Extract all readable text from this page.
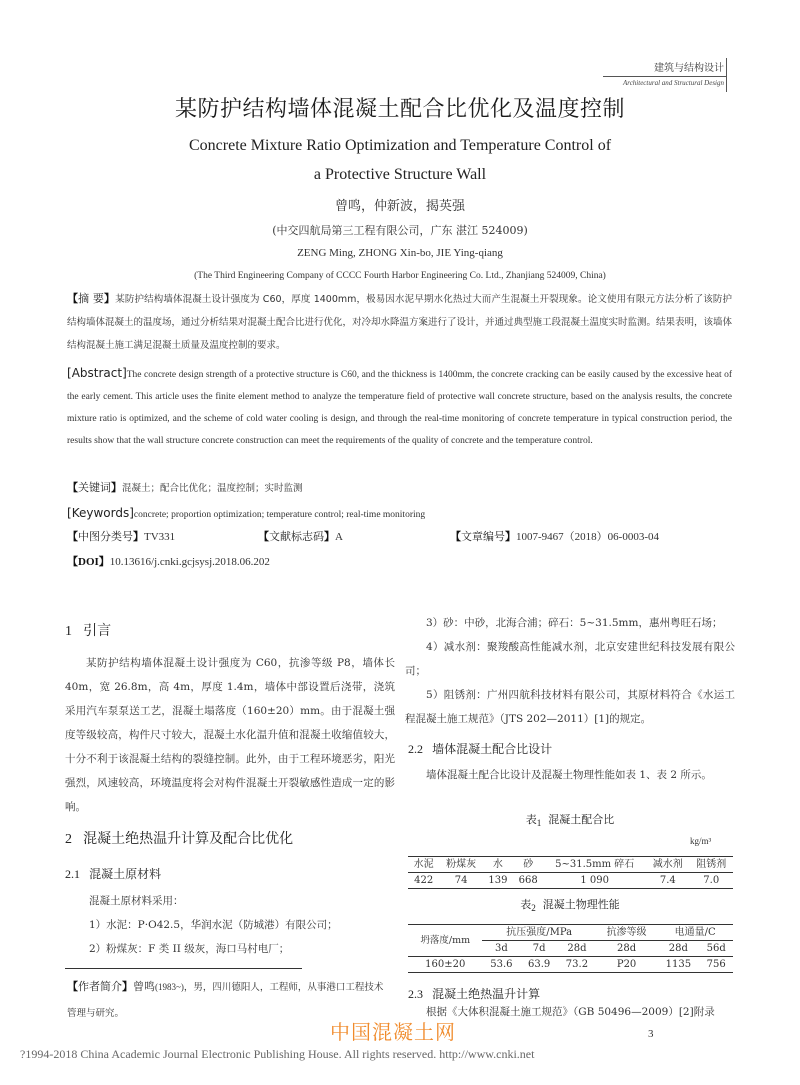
建筑与结构设计
Architectural and Structural Design
某防护结构墙体混凝土配合比优化及温度控制
Concrete Mixture Ratio Optimization and Temperature Control of
a Protective Structure Wall
曾鸣，仲新波，揭英强
(中交四航局第三工程有限公司，广东 湛江 524009)
ZENG Ming, ZHONG Xin-bo, JIE Ying-qiang
(The Third Engineering Company of CCCC Fourth Harbor Engineering Co. Ltd., Zhanjiang 524009, China)
【摘 要】某防护结构墙体混凝土设计强度为 C60，厚度 1400mm，极易因水泥早期水化热过大而产生混凝土开裂现象。论文使用有限元方法分析了该防护结构墙体混凝土的温度场，通过分析结果对混凝土配合比进行优化，对冷却水降温方案进行了设计，并通过典型施工段混凝土温度实时监测。结果表明，该墙体结构混凝土施工满足混凝土质量及温度控制的要求。
[Abstract]The concrete design strength of a protective structure is C60, and the thickness is 1400mm, the concrete cracking can be easily caused by the excessive heat of the early cement. This article uses the finite element method to analyze the temperature field of protective wall concrete structure, based on the analysis results, the concrete mixture ratio is optimized, and the scheme of cold water cooling is design, and through the real-time monitoring of concrete temperature in typical construction period, the results show that the wall structure concrete construction can meet the requirements of the quality of concrete and the temperature control.
【关键词】混凝土；配合比优化；温度控制；实时监测
[Keywords]concrete; proportion optimization; temperature control; real-time monitoring
【中图分类号】TV331	【文献标志码】A	【文章编号】1007-9467（2018）06-0003-04
【DOI】10.13616/j.cnki.gcjsysj.2018.06.202
1 引言
某防护结构墙体混凝土设计强度为 C60，抗渗等级 P8，墙体长 40m，宽 26.8m，高 4m，厚度 1.4m，墙体中部设置后浇带，浇筑采用汽车泵泵送工艺，混凝土塌落度（160±20）mm。由于混凝土强度等级较高，构件尺寸较大，混凝土水化温升值和混凝土收缩值较大，十分不利于该混凝土结构的裂缝控制。此外，由于工程环境恶劣，阳光强烈，风速较高，环境温度将会对构件混凝土开裂敏感性造成一定的影响。
2 混凝土绝热温升计算及配合比优化
2.1 混凝土原材料
混凝土原材料采用：
1）水泥：P·O42.5，华润水泥（防城港）有限公司；
2）粉煤灰：F 类 II 级灰，海口马村电厂；
【作者简介】曾鸣(1983~)，男，四川德阳人，工程师，从事港口工程技术管理与研究。
3）砂：中砂，北海合浦；碎石：5~31.5mm，惠州粤旺石场；
4）减水剂：聚羧酸高性能减水剂，北京安建世纪科技发展有限公司；
5）阻锈剂：广州四航科技材料有限公司，其原材料符合《水运工程混凝土施工规范》（JTS 202—2011）[1]的规定。
2.2 墙体混凝土配合比设计
墙体混凝土配合比设计及混凝土物理性能如表 1、表 2 所示。
表$_1$ 混凝土配合比
kg/m³
水泥	粉煤灰	水	砂	5~31.5mm 碎石	减水剂	阻锈剂
422	74	139	668	1 090	7.4	7.0
表$_2$ 混凝土物理性能
坍落度/mm	抗压强度/MPa			抗渗等级	电通量/C	
	3d	7d	28d	28d	28d	56d
160±20	53.6	63.9	73.2	P20	1135	756
2.3 混凝土绝热温升计算
根据《大体积混凝土施工规范》（GB 50496—2009）[2]附录
中国混凝土网	3
?1994-2018 China Academic Journal Electronic Publishing House. All rights reserved. http://www.cnki.net
